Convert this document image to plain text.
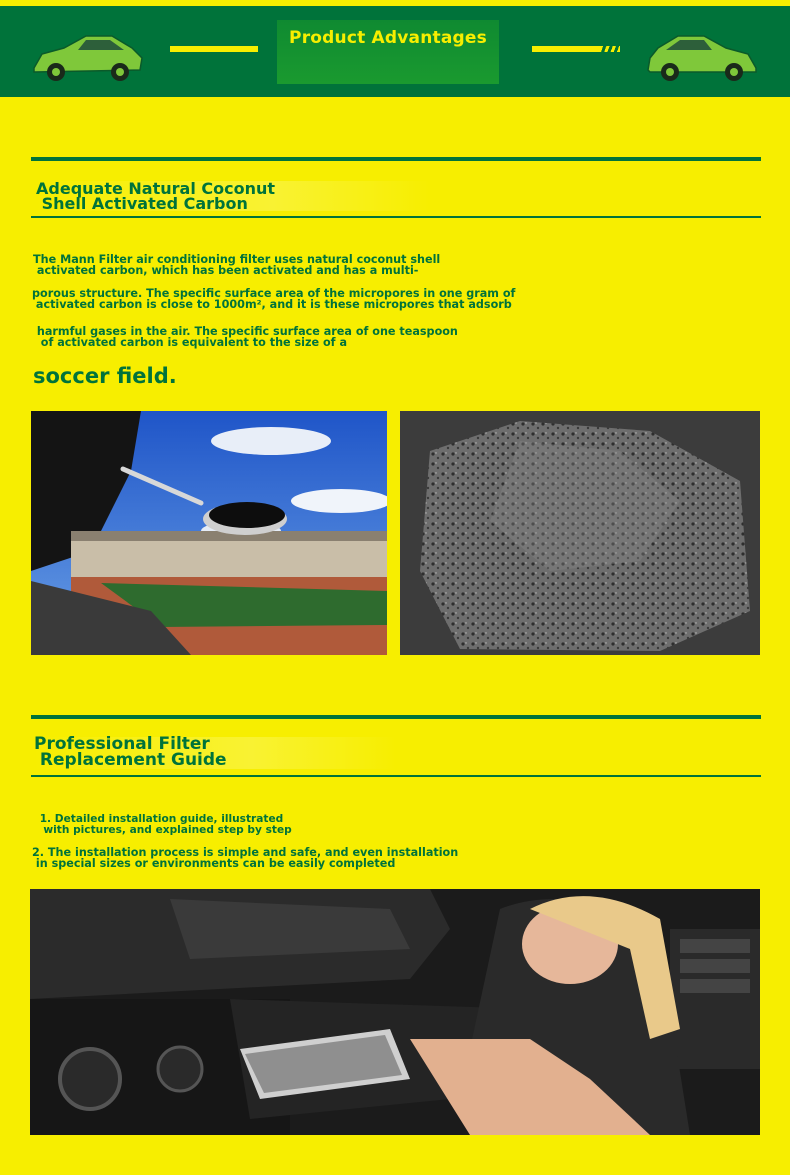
Product Advantages
Adequate Natural Coconut
Shell Activated Carbon
The Mann Filter air conditioning filter uses natural coconut shell
activated carbon, which has been activated and has a multi-
porous structure. The specific surface area of the micropores in one gram of
activated carbon is close to 1000m², and it is these micropores that adsorb
harmful gases in the air. The specific surface area of one teaspoon
of activated carbon is equivalent to the size of a
soccer field.
Professional Filter
Replacement Guide
1. Detailed installation guide, illustrated
with pictures, and explained step by step
2. The installation process is simple and safe, and even installation
in special sizes or environments can be easily completed
